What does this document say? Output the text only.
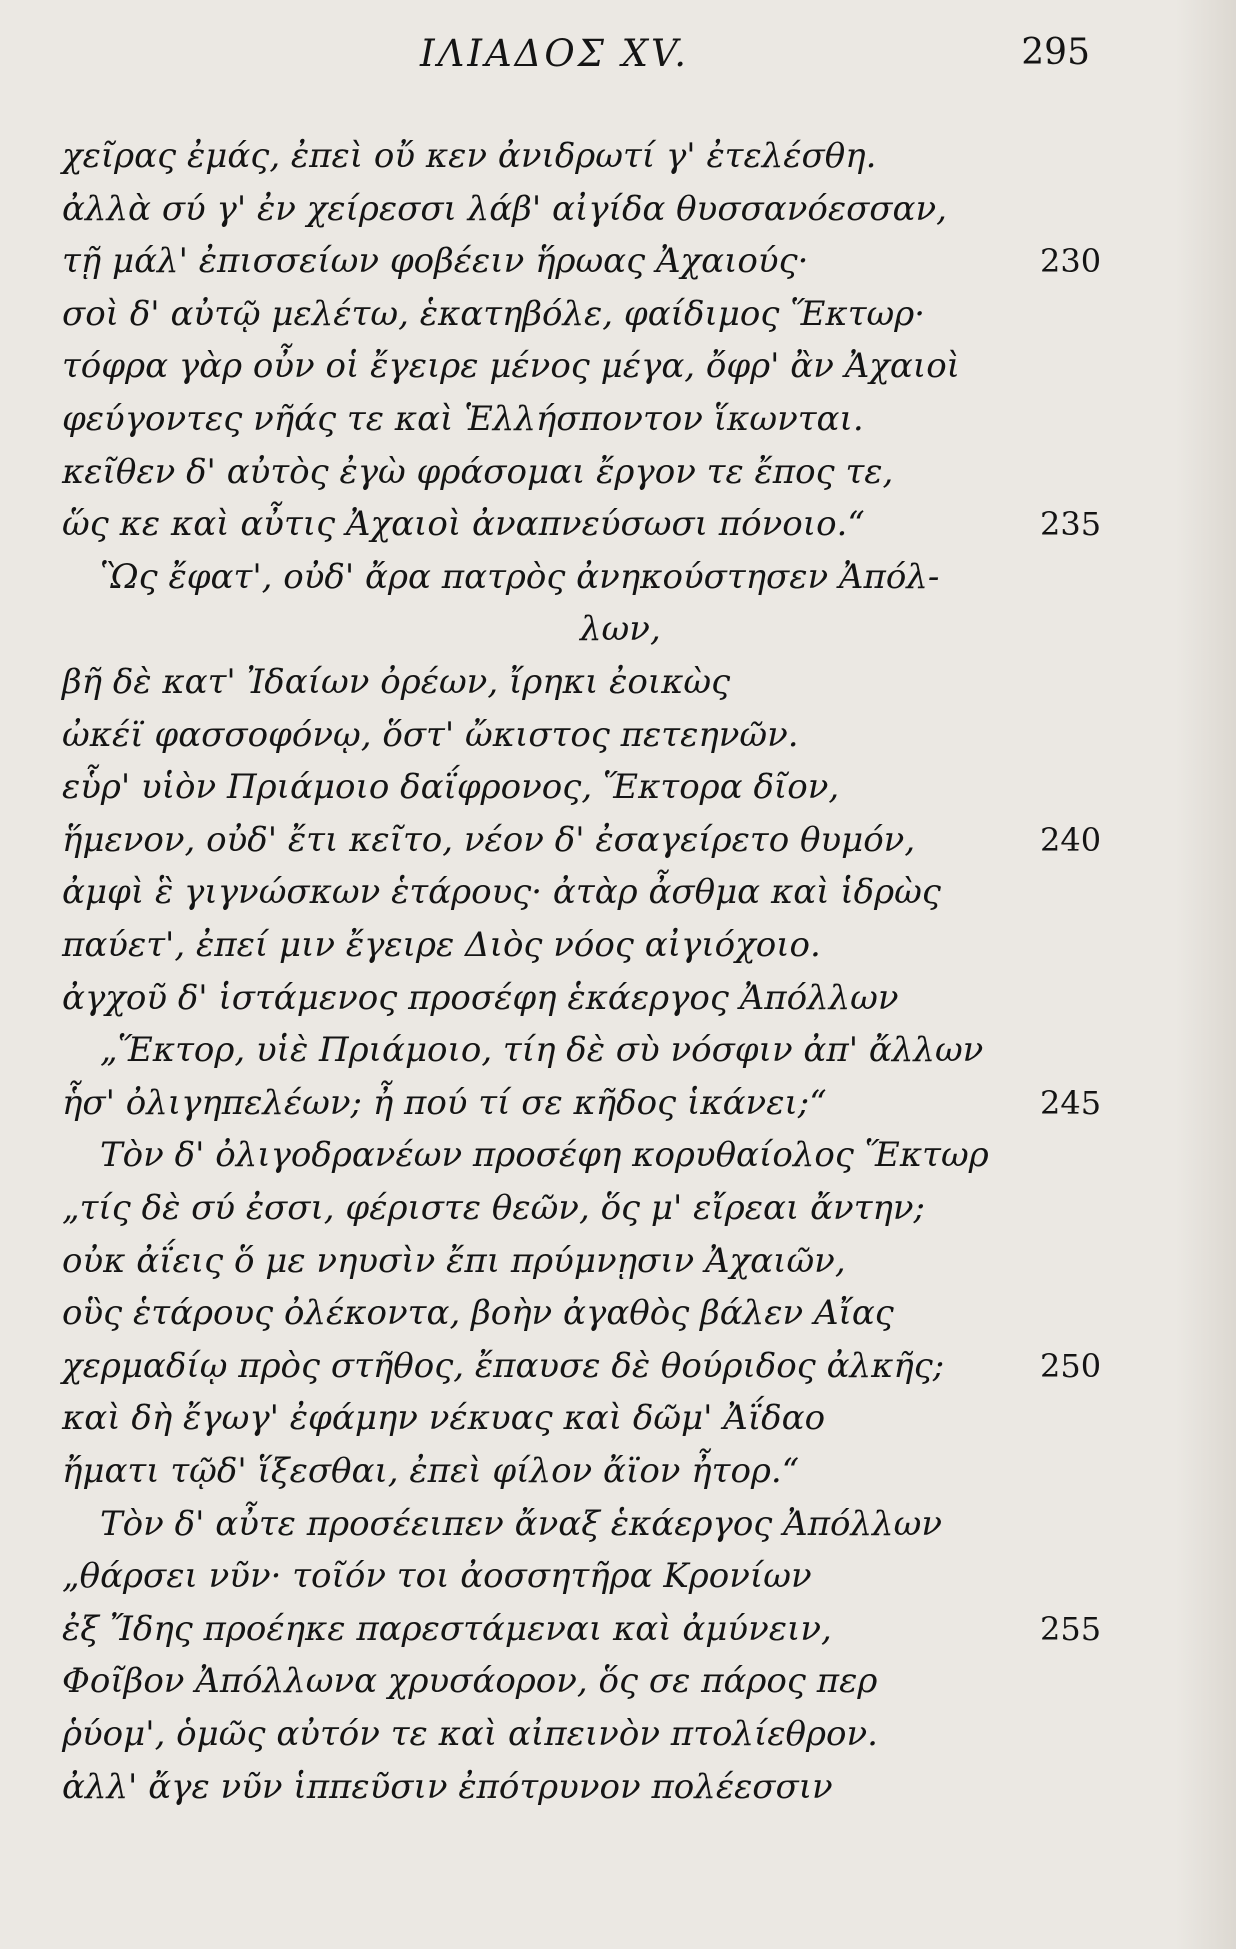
ΙΛΙΑΔΟΣ XV.	295
χεῖρας ἐμάς, ἐπεὶ οὔ κεν ἀνιδρωτί γ' ἐτελέσθη.
ἀλλὰ σύ γ' ἐν χείρεσσι λάβ' αἰγίδα θυσσανόεσσαν,
τῇ μάλ' ἐπισσείων φοβέειν ἥρωας Ἀχαιούς·	230
σοὶ δ' αὐτῷ μελέτω, ἑκατηβόλε, φαίδιμος Ἕκτωρ·
τόφρα γὰρ οὖν οἱ ἔγειρε μένος μέγα, ὄφρ' ἂν Ἀχαιοὶ
φεύγοντες νῆάς τε καὶ Ἑλλήσποντον ἵκωνται.
κεῖθεν δ' αὐτὸς ἐγὼ φράσομαι ἔργον τε ἔπος τε,
ὥς κε καὶ αὖτις Ἀχαιοὶ ἀναπνεύσωσι πόνοιο.“	235
Ὣς ἔφατ', οὐδ' ἄρα πατρὸς ἀνηκούστησεν Ἀπόλ-
λων,
βῆ δὲ κατ' Ἰδαίων ὀρέων, ἴρηκι ἐοικὼς
ὠκέϊ φασσοφόνῳ, ὅστ' ὤκιστος πετεηνῶν.
εὗρ' υἱὸν Πριάμοιο δαΐφρονος, Ἕκτορα δῖον,
ἥμενον, οὐδ' ἔτι κεῖτο, νέον δ' ἐσαγείρετο θυμόν,	240
ἀμφὶ ἓ γιγνώσκων ἑτάρους· ἀτὰρ ἆσθμα καὶ ἱδρὼς
παύετ', ἐπεί μιν ἔγειρε Διὸς νόος αἰγιόχοιο.
ἀγχοῦ δ' ἱστάμενος προσέφη ἑκάεργος Ἀπόλλων
„Ἕκτορ, υἱὲ Πριάμοιο, τίη δὲ σὺ νόσφιν ἀπ' ἄλλων
ἧσ' ὀλιγηπελέων; ἦ πού τί σε κῆδος ἱκάνει;“	245
Τὸν δ' ὀλιγοδρανέων προσέφη κορυθαίολος Ἕκτωρ
„τίς δὲ σύ ἐσσι, φέριστε θεῶν, ὅς μ' εἴρεαι ἄντην;
οὐκ ἀΐεις ὅ με νηυσὶν ἔπι πρύμνῃσιν Ἀχαιῶν,
οὓς ἑτάρους ὀλέκοντα, βοὴν ἀγαθὸς βάλεν Αἴας
χερμαδίῳ πρὸς στῆθος, ἔπαυσε δὲ θούριδος ἀλκῆς;	250
καὶ δὴ ἔγωγ' ἐφάμην νέκυας καὶ δῶμ' Ἀΐδαο
ἤματι τῷδ' ἵξεσθαι, ἐπεὶ φίλον ἄϊον ἦτορ.“
Τὸν δ' αὖτε προσέειπεν ἄναξ ἑκάεργος Ἀπόλλων
„θάρσει νῦν· τοῖόν τοι ἀοσσητῆρα Κρονίων
ἐξ Ἴδης προέηκε παρεστάμεναι καὶ ἀμύνειν,	255
Φοῖβον Ἀπόλλωνα χρυσάορον, ὅς σε πάρος περ
ῥύομ', ὁμῶς αὐτόν τε καὶ αἰπεινὸν πτολίεθρον.
ἀλλ' ἄγε νῦν ἱππεῦσιν ἐπότρυνον πολέεσσιν
